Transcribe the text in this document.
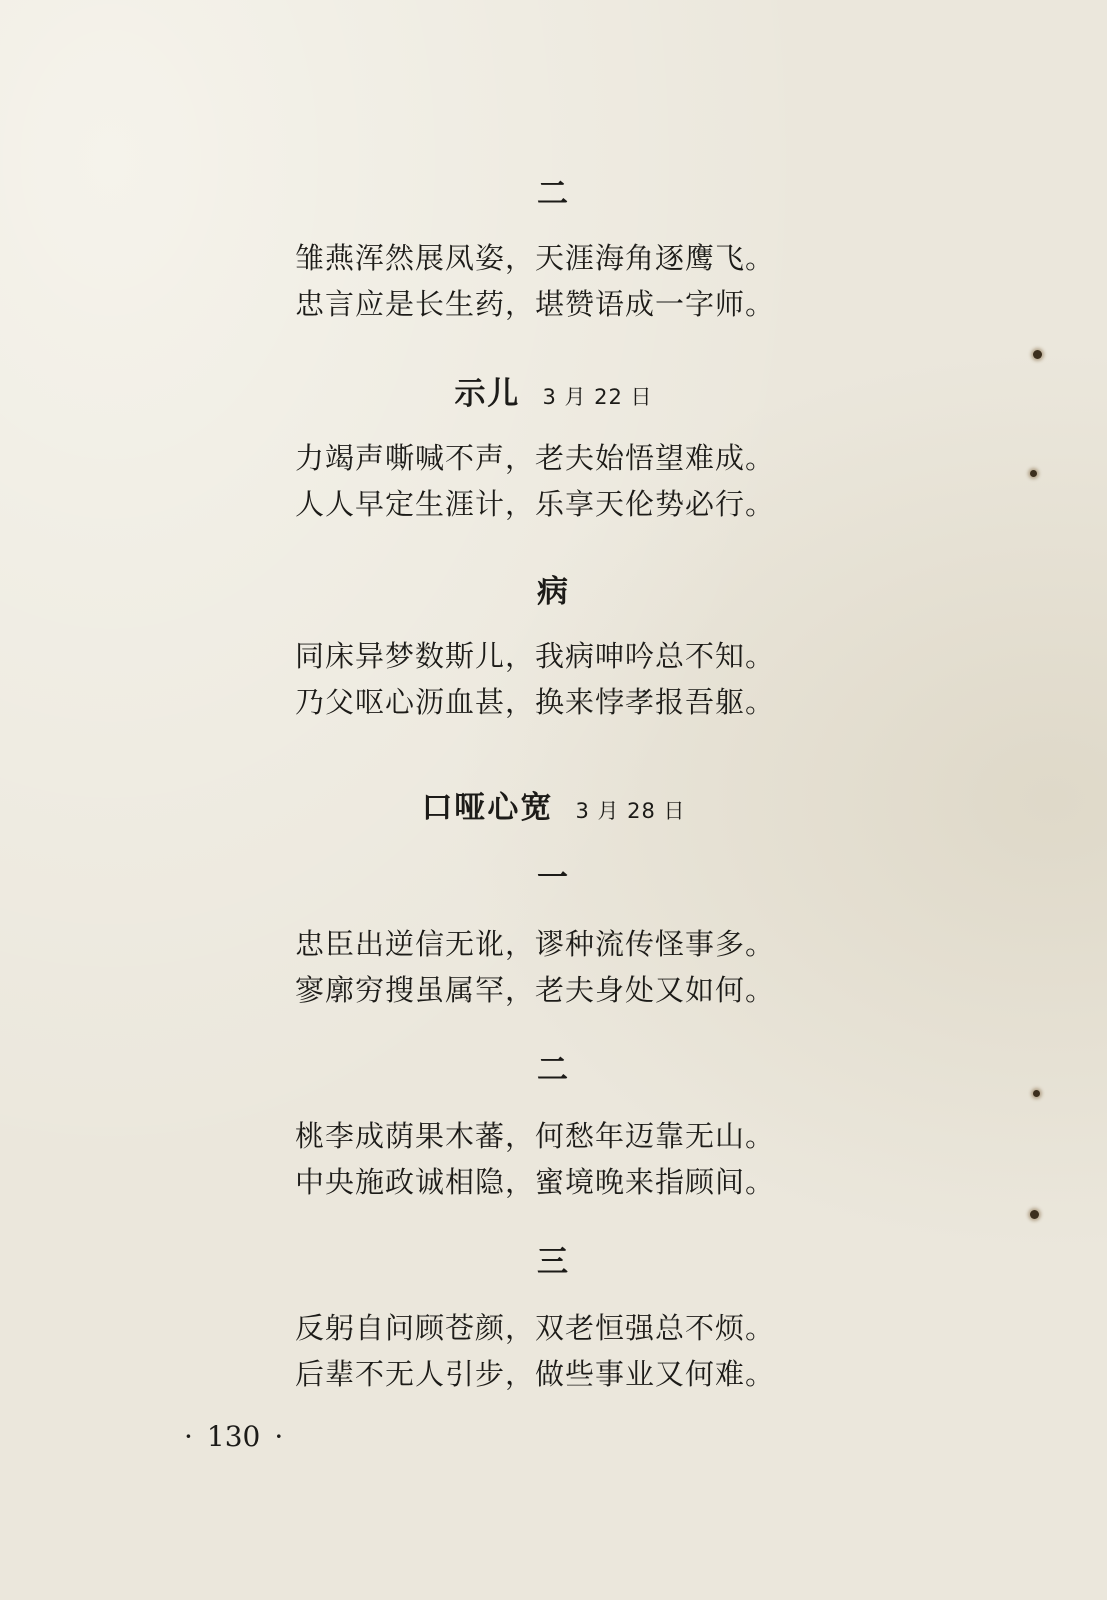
二
雏燕浑然展凤姿，天涯海角逐鹰飞。
忠言应是长生药，堪赞语成一字师。
示儿 3 月 22 日
力竭声嘶喊不声，老夫始悟望难成。
人人早定生涯计，乐享天伦势必行。
病
同床异梦数斯儿，我病呻吟总不知。
乃父呕心沥血甚，换来悖孝报吾躯。
口哑心宽 3 月 28 日
一
忠臣出逆信无讹，谬种流传怪事多。
寥廓穷搜虽属罕，老夫身处又如何。
二
桃李成荫果木蕃，何愁年迈靠无山。
中央施政诚相隐，蜜境晚来指顾间。
三
反躬自问顾苍颜，双老恒强总不烦。
后辈不无人引步，做些事业又何难。
· 130 ·
